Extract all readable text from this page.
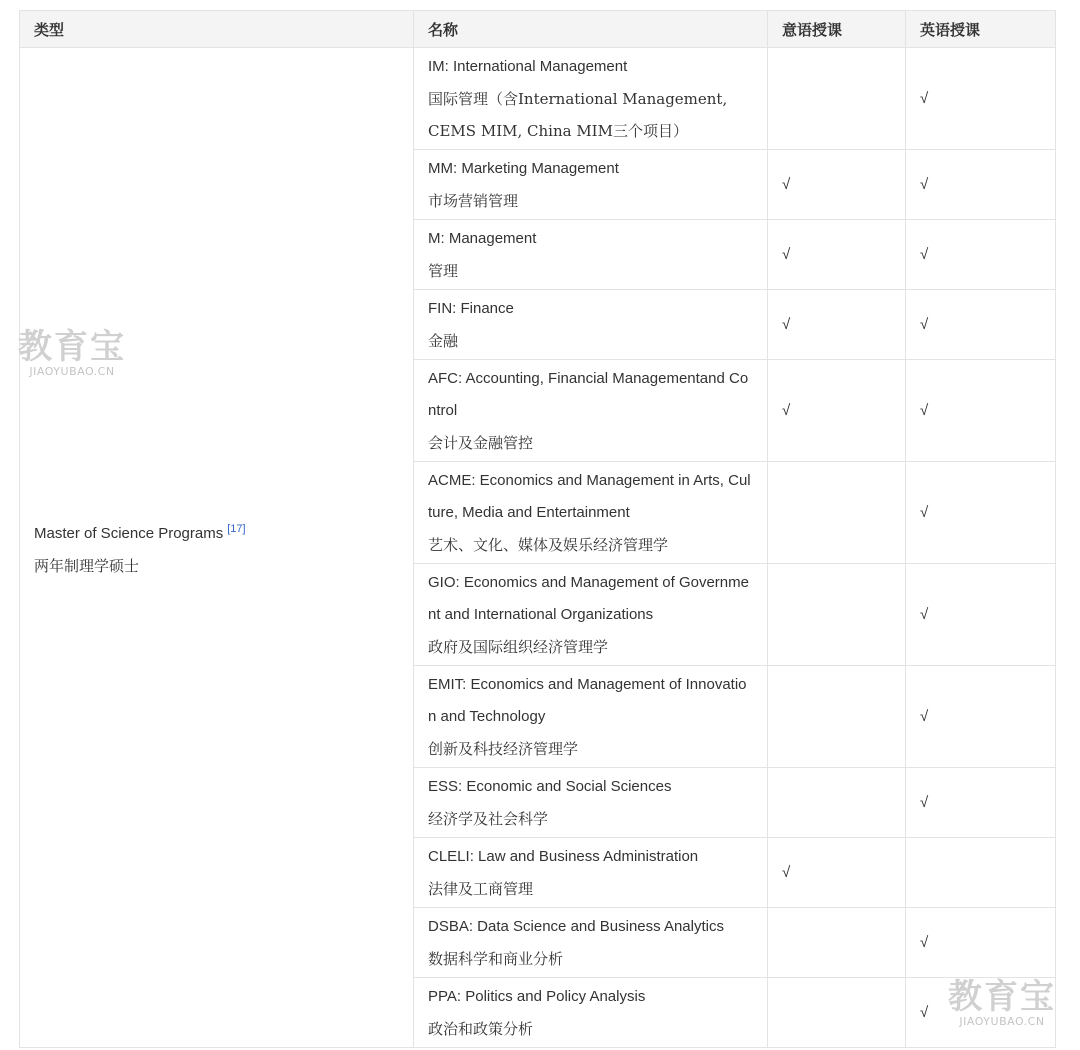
类型	名称	意语授课	英语授课

Master of Science Programs [17]
两年制理学硕士	IM: International Management
国际管理（含International Management, CEMS MIM, China MIM三个项目）		√

	MM: Marketing Management
市场营销管理	√	√

	M: Management
管理	√	√

	FIN: Finance
金融	√	√

	AFC: Accounting, Financial Managementand Control
会计及金融管控	√	√

	ACME: Economics and Management in Arts, Culture, Media and Entertainment
艺术、文化、媒体及娱乐经济管理学		√

	GIO: Economics and Management of Government and International Organizations
政府及国际组织经济管理学		√

	EMIT: Economics and Management of Innovation and Technology
创新及科技经济管理学		√

	ESS: Economic and Social Sciences
经济学及社会科学		√

	CLELI: Law and Business Administration
法律及工商管理	√	

	DSBA: Data Science and Business Analytics
数据科学和商业分析		√

	PPA: Politics and Policy Analysis
政治和政策分析		√
教育宝
JIAOYUBAO.CN
教育宝
JIAOYUBAO.CN
